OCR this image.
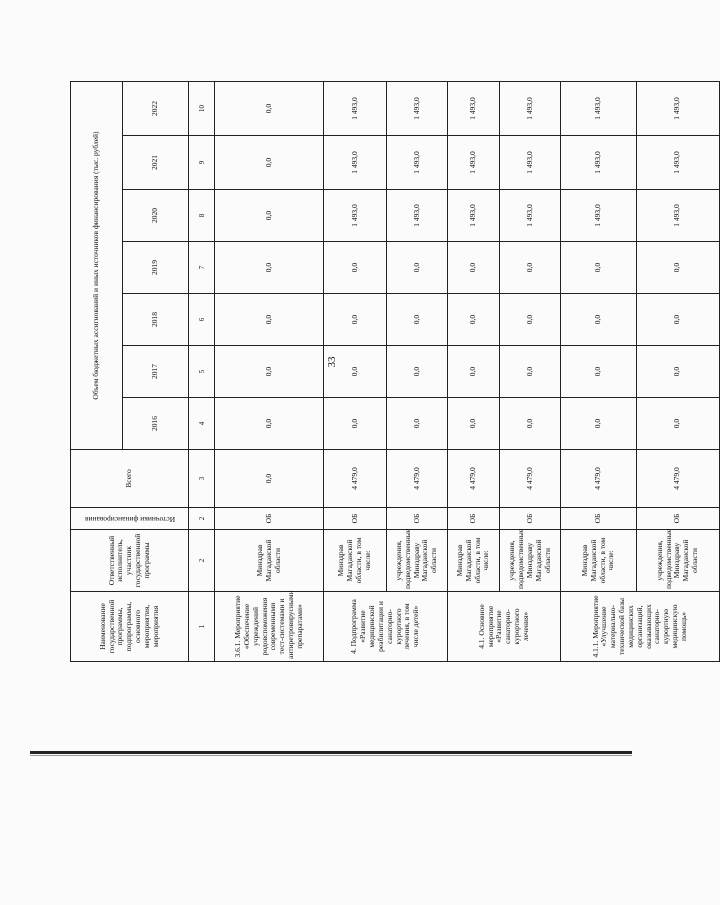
33
Наименование государственной программы, подпрограммы, основного мероприятия, мероприятия	Ответственный исполнитель, участник государственной программы	Источники финансирования	Всего	Объем бюджетных ассигнований и иных источников финансирования (тыс. рублей)						
				2016	2017	2018	2019	2020	2021	2022
1	2	2	3	4	5	6	7	8	9	10
3.6.1. Мероприятие «Обеспечение учреждений родовспоможения современными тест-системами и антиретровирусными препаратами»	Минздрав Магаданской области	ОБ	0,0	0,0	0,0	0,0	0,0	0,0	0,0	0,0
4. Подпрограмма «Развитие медицинской реабилитации и санаторно-курортного лечения, в том числе детей»	Минздрав Магаданской области, в том числе:	ОБ	4 479,0	0,0	0,0	0,0	0,0	1 493,0	1 493,0	1 493,0
	учреждения, подведомственные Минздраву Магаданской области	ОБ	4 479,0	0,0	0,0	0,0	0,0	1 493,0	1 493,0	1 493,0
4.1. Основное мероприятие «Развитие санаторно-курортного лечения»	Минздрав Магаданской области, в том числе:	ОБ	4 479,0	0,0	0,0	0,0	0,0	1 493,0	1 493,0	1 493,0
	учреждения, подведомственные Минздраву Магаданской области	ОБ	4 479,0	0,0	0,0	0,0	0,0	1 493,0	1 493,0	1 493,0
4.1.1. Мероприятие «Улучшение материально-технической базы медицинских организаций, оказывающих санаторно-курортную медицинскую помощь»	Минздрав Магаданской области, в том числе:	ОБ	4 479,0	0,0	0,0	0,0	0,0	1 493,0	1 493,0	1 493,0
	учреждения, подведомственные Минздраву Магаданской области	ОБ	4 479,0	0,0	0,0	0,0	0,0	1 493,0	1 493,0	1 493,0
